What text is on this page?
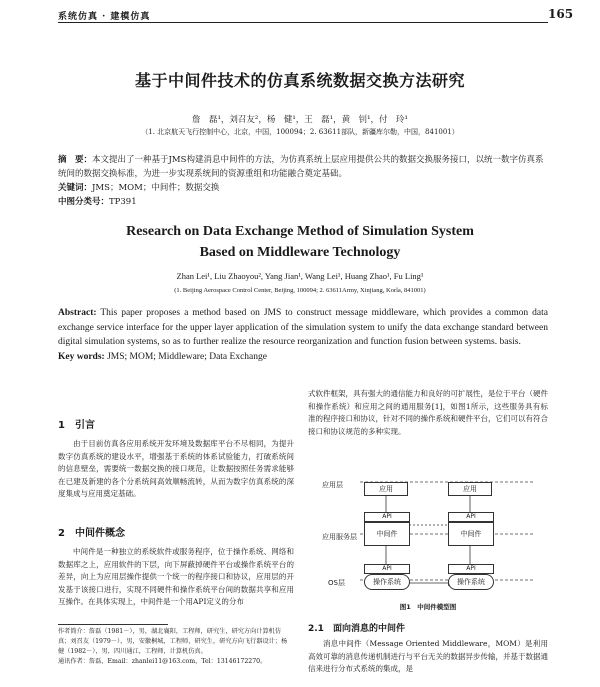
系统仿真 · 建模仿真	165
基于中间件技术的仿真系统数据交换方法研究
詹　磊¹，刘召友²，杨　健¹，王　磊¹，黄　钊¹，付　玲¹
（1. 北京航天飞行控制中心，北京，中国，100094；2. 63611部队，新疆库尔勒，中国，841001）
摘　要：本文提出了一种基于JMS构建消息中间件的方法，为仿真系统上层应用提供公共的数据交换服务接口，以统一数字仿真系统间的数据交换标准，为进一步实现系统间的资源重组和功能融合奠定基础。
关键词：JMS；MOM；中间件；数据交换
中图分类号：TP391
Research on Data Exchange Method of Simulation System
Based on Middleware Technology
Zhan Lei¹, Liu Zhaoyou², Yang Jian¹, Wang Lei¹, Huang Zhao¹, Fu Ling¹
(1. Beijing Aerospace Control Center, Beijing, 100094; 2. 63611Army, Xinjiang, Korla, 841001)
Abstract: This paper proposes a method based on JMS to construct message middleware, which provides a common data exchange service interface for the upper layer application of the simulation system to unify the data exchange standard between digital simulation systems, so as to further realize the resource reorganization and function fusion between systems. basis.
Key words: JMS; MOM; Middleware; Data Exchange
1　引言

由于目前仿真各应用系统开发环境及数据库平台不尽相同，为提升数字仿真系统的建设水平，增强基于系统的体系试验能力，打破系统间的信息壁垒，需要统一数据交换的接口规范，让数据按照任务需求能够在已建及新建的各个分系统间高效顺畅流转，从而为数字仿真系统的深度集成与应用奠定基础。

2　中间件概念

中间件是一种独立的系统软件或服务程序，位于操作系统、网络和数据库之上，应用软件的下层，向下屏蔽掉硬件平台或操作系统平台的差异，向上为应用层操作提供一个统一的程序接口和协议，应用层的开发基于该接口进行，实现不同硬件和操作系统平台间的数据共享和应用互操作。在具体实现上，中间件是一个用API定义的分布

作者简介：詹磊（1981－），男，湖北襄阳，工程师，研究生，研究方向计算机仿真；刘召友（1979－），男，安徽桐城，工程师，研究生，研究方向飞行器设计；杨健（1982－），男，四川通江，工程师，计算机仿真。
通讯作者：詹磊，Email：zhanlei11@163.com，Tel：13146172270。

式软件框架，具有强大的通信能力和良好的可扩展性，是位于平台（硬件和操作系统）和应用之间的通用服务[1]，如图1所示，这些服务具有标准的程序接口和协议，针对不同的操作系统和硬件平台，它们可以有符合接口和协议规范的多种实现。

应用层
应用服务层
OS层
应用	应用
API
中间件
API
中间件
API
操作系统
API
操作系统
图1　中间件模型图
2.1　面向消息的中间件

消息中间件（Message Oriented Middleware，MOM）是利用高效可靠的消息传递机制进行与平台无关的数据异步传输，并基于数据通信来进行分布式系统的集成，是
